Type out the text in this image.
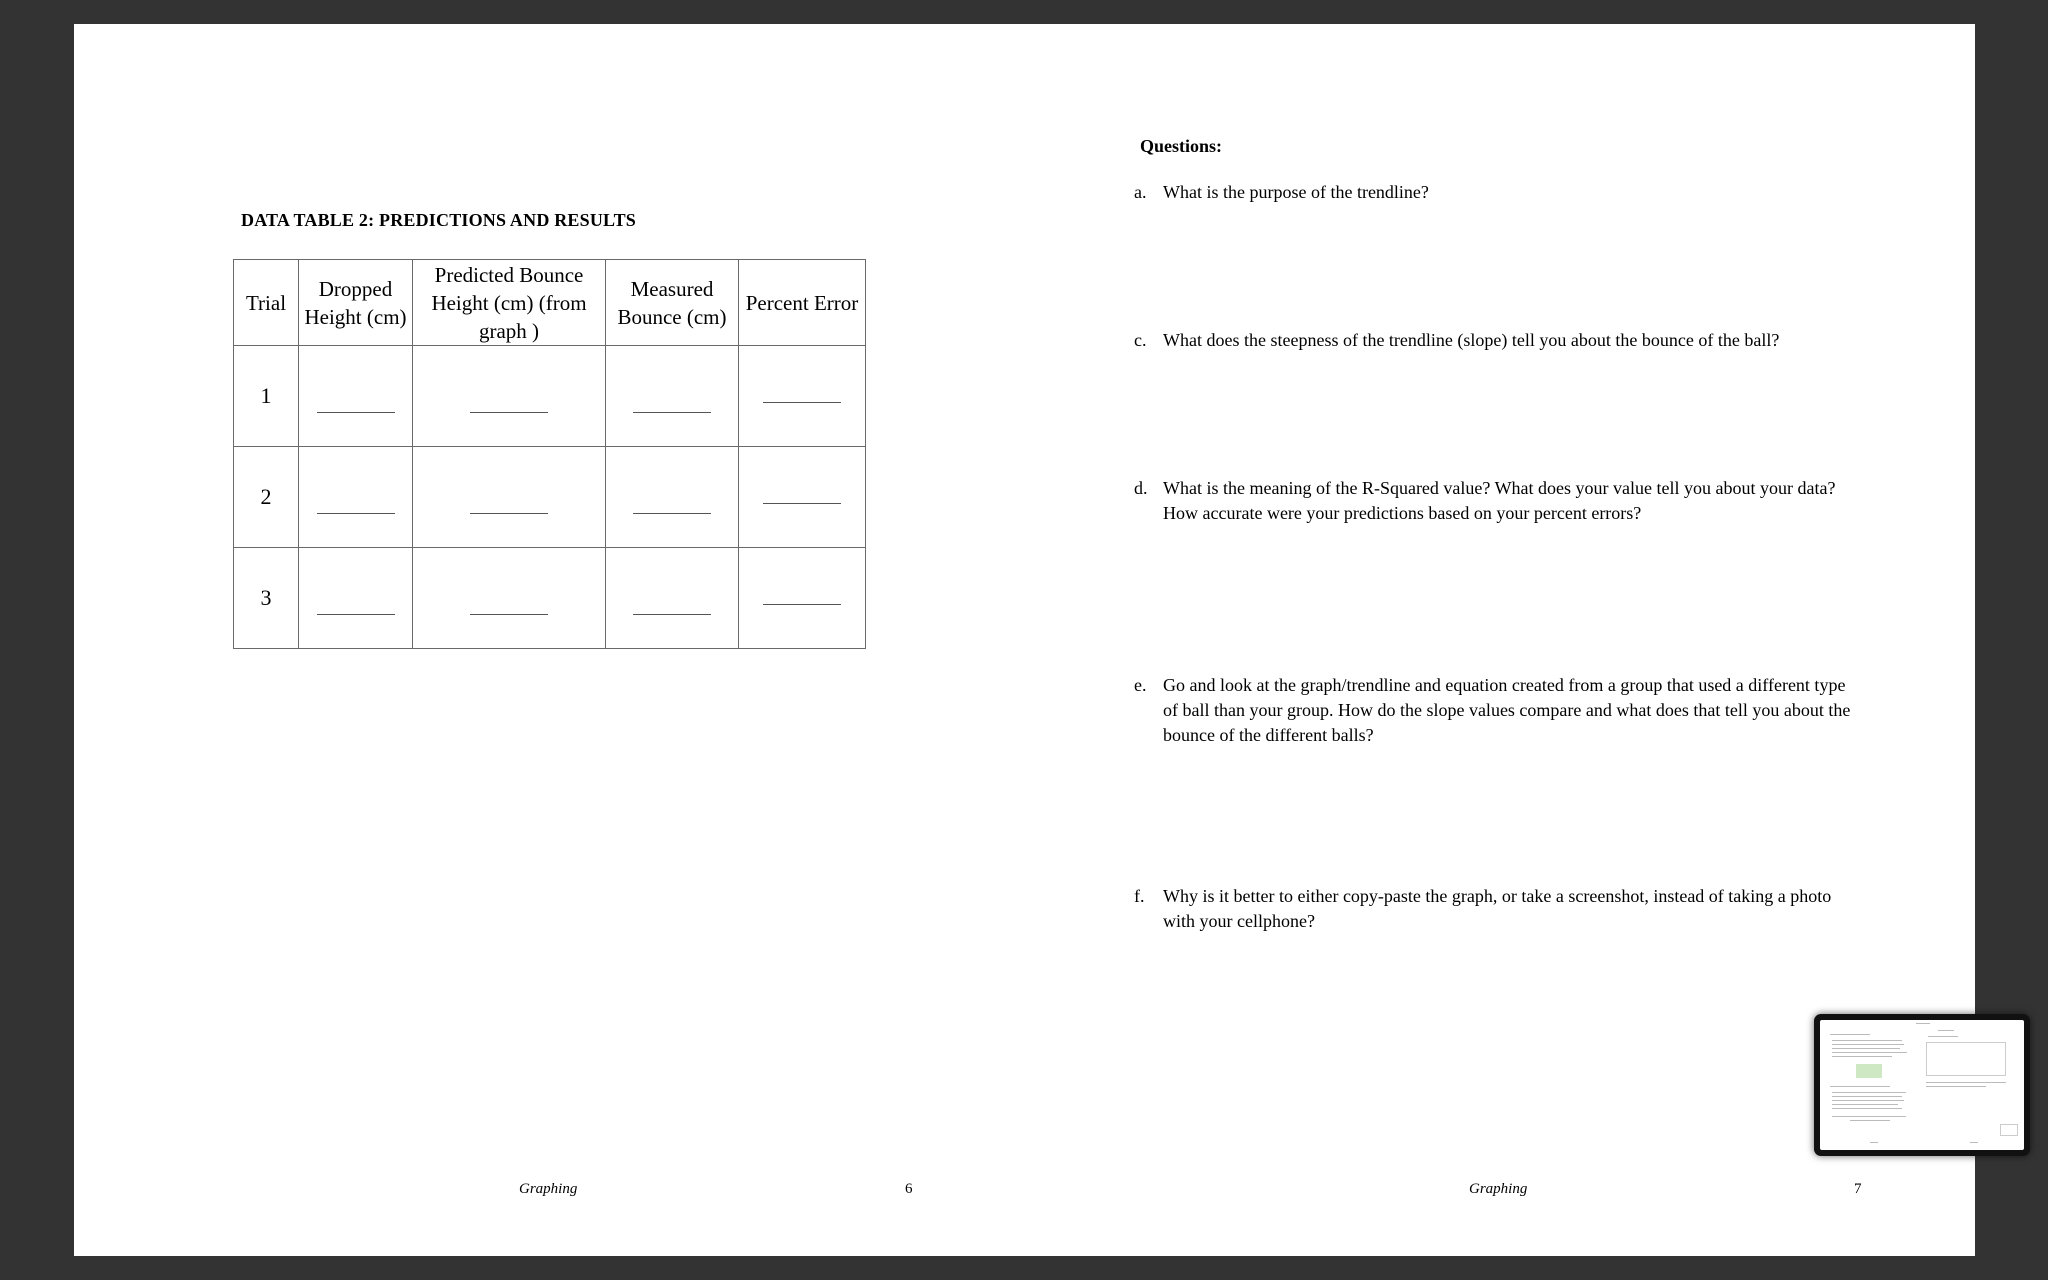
DATA TABLE 2: PREDICTIONS AND RESULTS
Trial	Dropped Height (cm)	Predicted Bounce Height (cm) (from graph )	Measured Bounce (cm)	Percent Error
1				
2				
3				
Graphing	6
Questions:
a. What is the purpose of the trendline?
c. What does the steepness of the trendline (slope) tell you about the bounce of the ball?
d. What is the meaning of the R-Squared value? What does your value tell you about your data? How accurate were your predictions based on your percent errors?
e. Go and look at the graph/trendline and equation created from a group that used a different type of ball than your group. How do the slope values compare and what does that tell you about the bounce of the different balls?
f.	Why is it better to either copy-paste the graph, or take a screenshot, instead of taking a photo with your cellphone?
Graphing	7
